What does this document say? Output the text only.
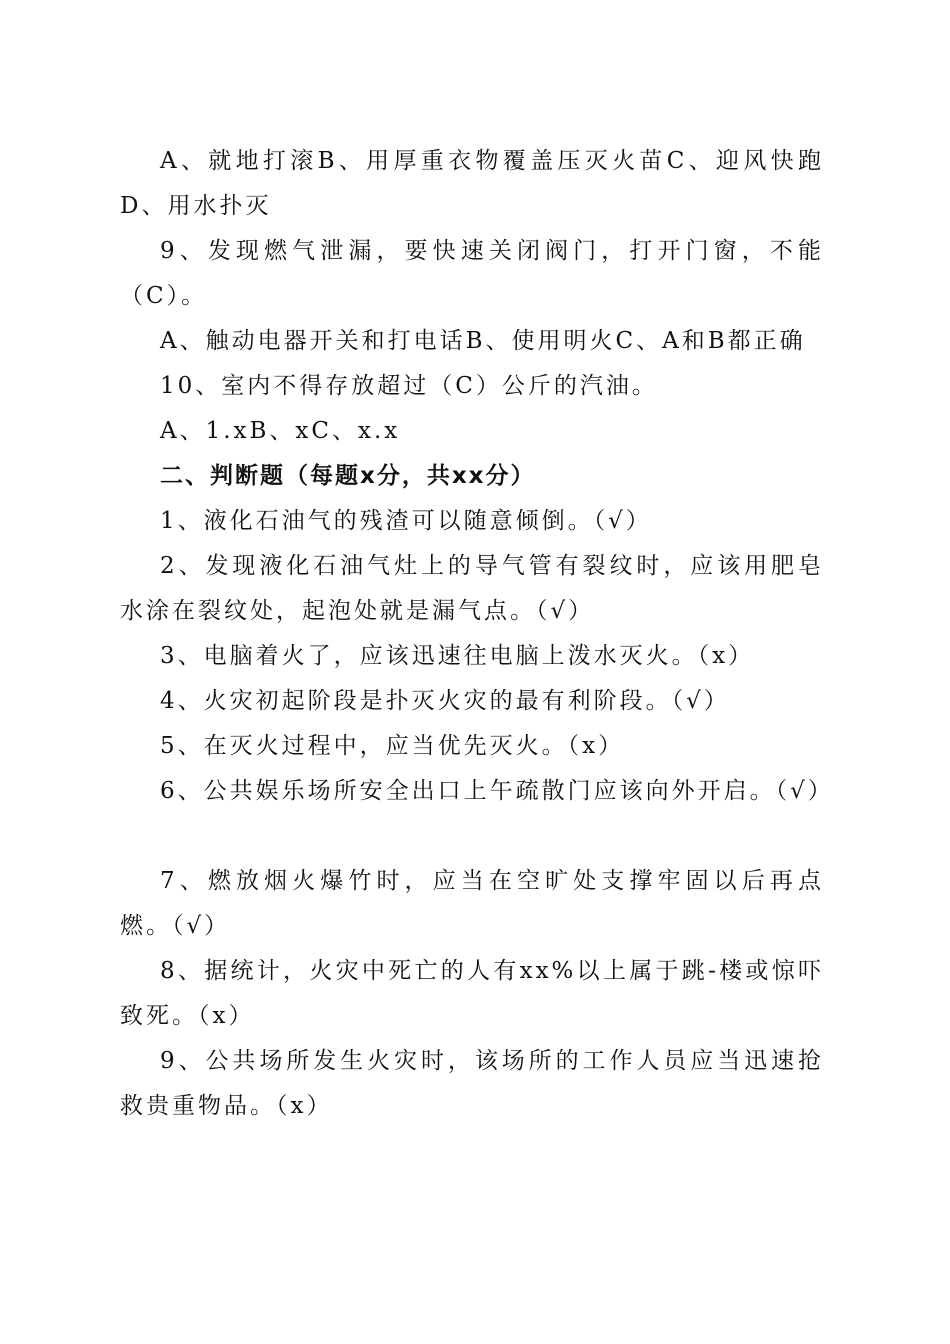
A、就地打滚B、用厚重衣物覆盖压灭火苗C、迎风快跑D、用水扑灭

9、发现燃气泄漏，要快速关闭阀门，打开门窗，不能（C）。

A、触动电器开关和打电话B、使用明火C、A和B都正确

10、室内不得存放超过（C）公斤的汽油。

A、1.xB、xC、x.x

二、判断题（每题x分，共xx分）

1、液化石油气的残渣可以随意倾倒。（√）

2、发现液化石油气灶上的导气管有裂纹时，应该用肥皂水涂在裂纹处，起泡处就是漏气点。（√）

3、电脑着火了，应该迅速往电脑上泼水灭火。（x）

4、火灾初起阶段是扑灭火灾的最有利阶段。（√）

5、在灭火过程中，应当优先灭火。（x）

6、公共娱乐场所安全出口上午疏散门应该向外开启。（√）

7、燃放烟火爆竹时，应当在空旷处支撑牢固以后再点燃。（√）

8、据统计，火灾中死亡的人有xx%以上属于跳-楼或惊吓致死。（x）

9、公共场所发生火灾时，该场所的工作人员应当迅速抢救贵重物品。（x）
